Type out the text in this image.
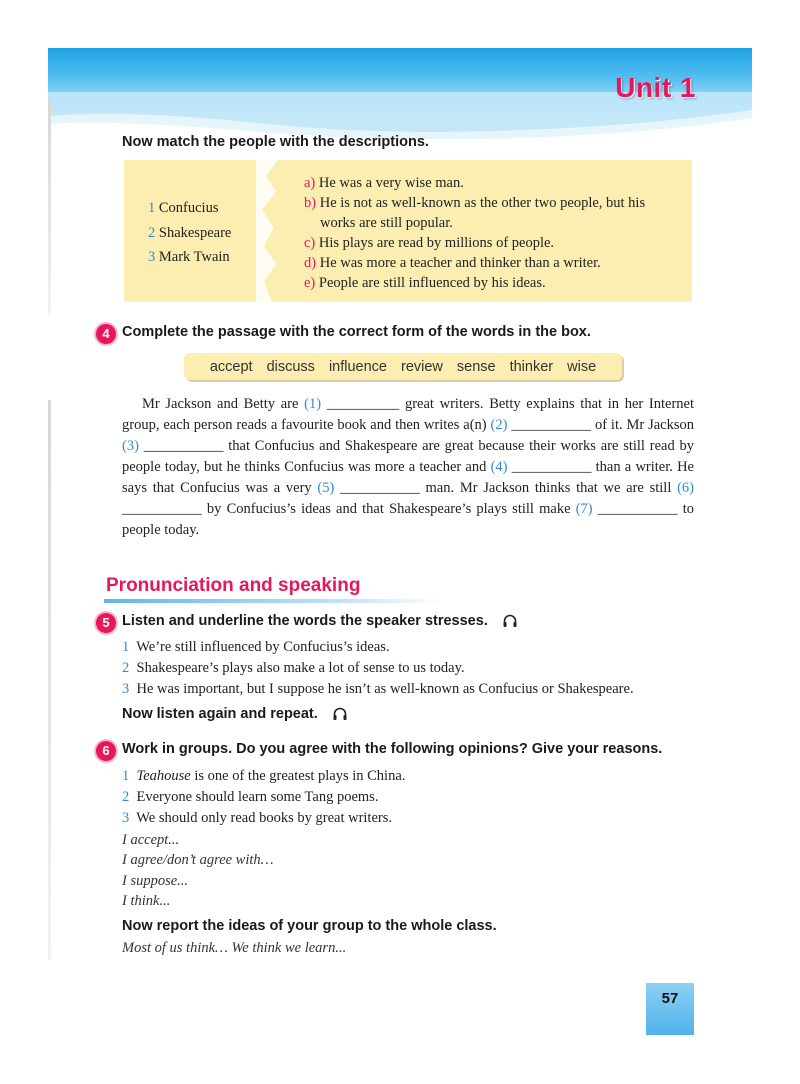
Unit 1
Now match the people with the descriptions.
1 Confucius
2 Shakespeare
3 Mark Twain
a) He was a very wise man.
b) He is not as well-known as the other two people, but his
works are still popular.
c) His plays are read by millions of people.
d) He was more a teacher and thinker than a writer.
e) People are still influenced by his ideas.
4 Complete the passage with the correct form of the words in the box.
accept discuss influence review sense thinker wise

Mr Jackson and Betty are (1) __________ great writers. Betty explains that in her Internet group, each person reads a favourite book and then writes a(n) (2) ___________ of it. Mr Jackson (3) ___________ that Confucius and Shakespeare are great because their works are still read by people today, but he thinks Confucius was more a teacher and (4) ___________ than a writer. He says that Confucius was a very (5) ___________ man. Mr Jackson thinks that we are still (6) ___________ by Confucius’s ideas and that Shakespeare’s plays still make (7) ___________ to people today.

Pronunciation and speaking
5 Listen and underline the words the speaker stresses.
1 We’re still influenced by Confucius’s ideas.
2 Shakespeare’s plays also make a lot of sense to us today.
3 He was important, but I suppose he isn’t as well-known as Confucius or Shakespeare.
Now listen again and repeat.
6 Work in groups. Do you agree with the following opinions? Give your reasons.
1 Teahouse is one of the greatest plays in China.
2 Everyone should learn some Tang poems.
3 We should only read books by great writers.
I accept...
I agree/don’t agree with…
I suppose...
I think...
Now report the ideas of your group to the whole class.
Most of us think… We think we learn...
57
